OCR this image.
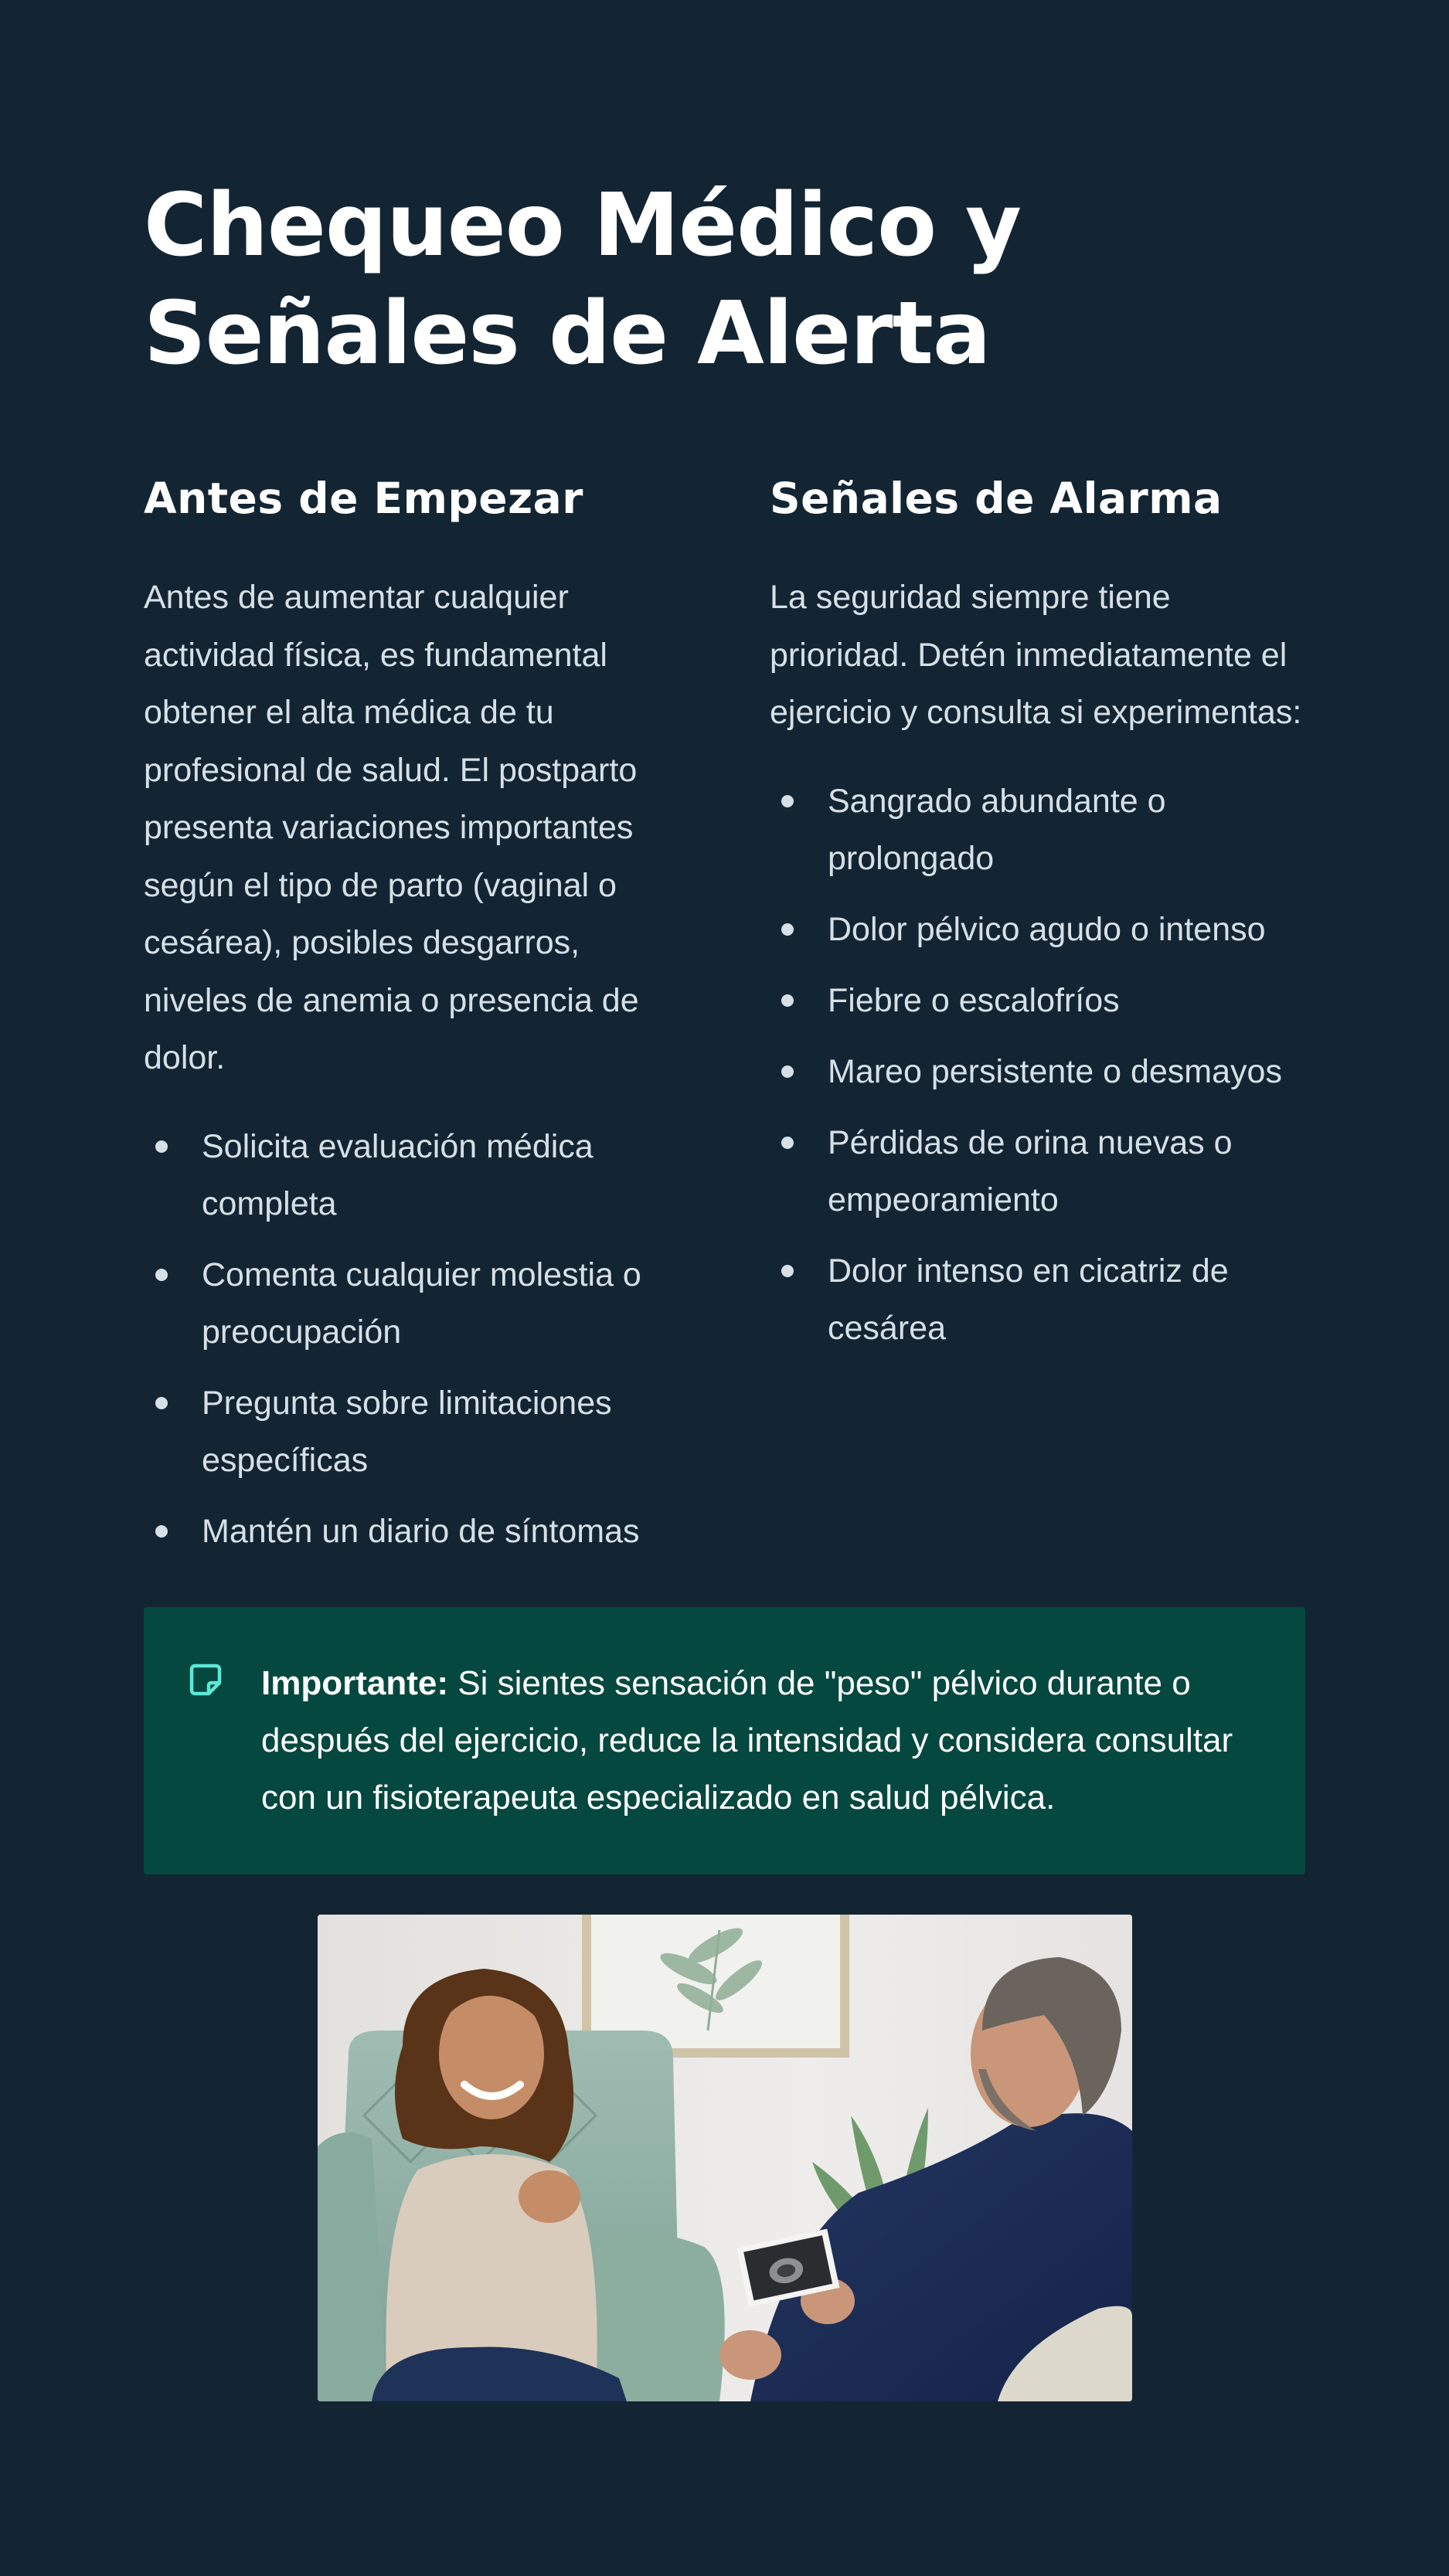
Chequeo Médico y
Señales de Alerta
Antes de Empezar

Antes de aumentar cualquier actividad física, es fundamental obtener el alta médica de tu profesional de salud. El postparto presenta variaciones importantes según el tipo de parto (vaginal o cesárea), posibles desgarros, niveles de anemia o presencia de dolor.

Solicita evaluación médica completa
Comenta cualquier molestia o preocupación
Pregunta sobre limitaciones específicas
Mantén un diario de síntomas
Señales de Alarma

La seguridad siempre tiene prioridad. Detén inmediatamente el ejercicio y consulta si experimentas:

Sangrado abundante o prolongado
Dolor pélvico agudo o intenso
Fiebre o escalofríos
Mareo persistente o desmayos
Pérdidas de orina nuevas o empeoramiento
Dolor intenso en cicatriz de cesárea

Importante: Si sientes sensación de "peso" pélvico durante o después del ejercicio, reduce la intensidad y considera consultar con un fisioterapeuta especializado en salud pélvica.
